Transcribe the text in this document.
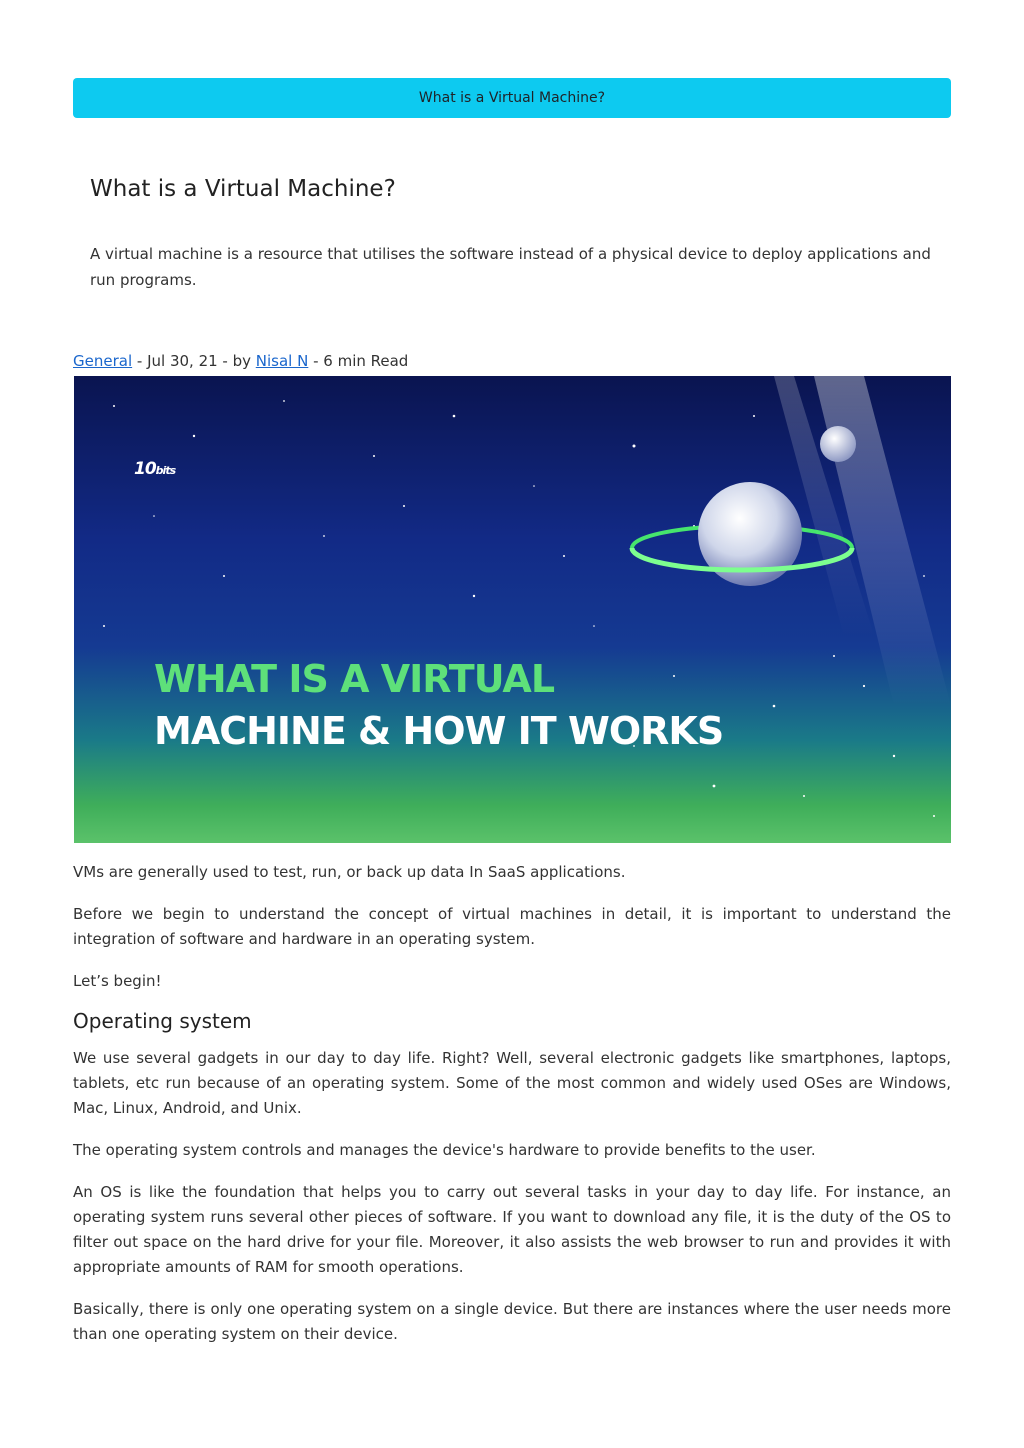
What is a Virtual Machine?
What is a Virtual Machine?

A virtual machine is a resource that utilises the software instead of a physical device to deploy applications and run programs.

General - Jul 30, 21 - by Nisal N - 6 min Read
10bits
WHAT IS A VIRTUAL
MACHINE & HOW IT WORKS

VMs are generally used to test, run, or back up data In SaaS applications.

Before we begin to understand the concept of virtual machines in detail, it is important to understand the integration of software and hardware in an operating system.

Let’s begin!

Operating system

We use several gadgets in our day to day life. Right? Well, several electronic gadgets like smartphones, laptops, tablets, etc run because of an operating system. Some of the most common and widely used OSes are Windows, Mac, Linux, Android, and Unix.

The operating system controls and manages the device's hardware to provide benefits to the user.

An OS is like the foundation that helps you to carry out several tasks in your day to day life. For instance, an operating system runs several other pieces of software. If you want to download any file, it is the duty of the OS to filter out space on the hard drive for your file. Moreover, it also assists the web browser to run and provides it with appropriate amounts of RAM for smooth operations.

Basically, there is only one operating system on a single device. But there are instances where the user needs more than one operating system on their device.
